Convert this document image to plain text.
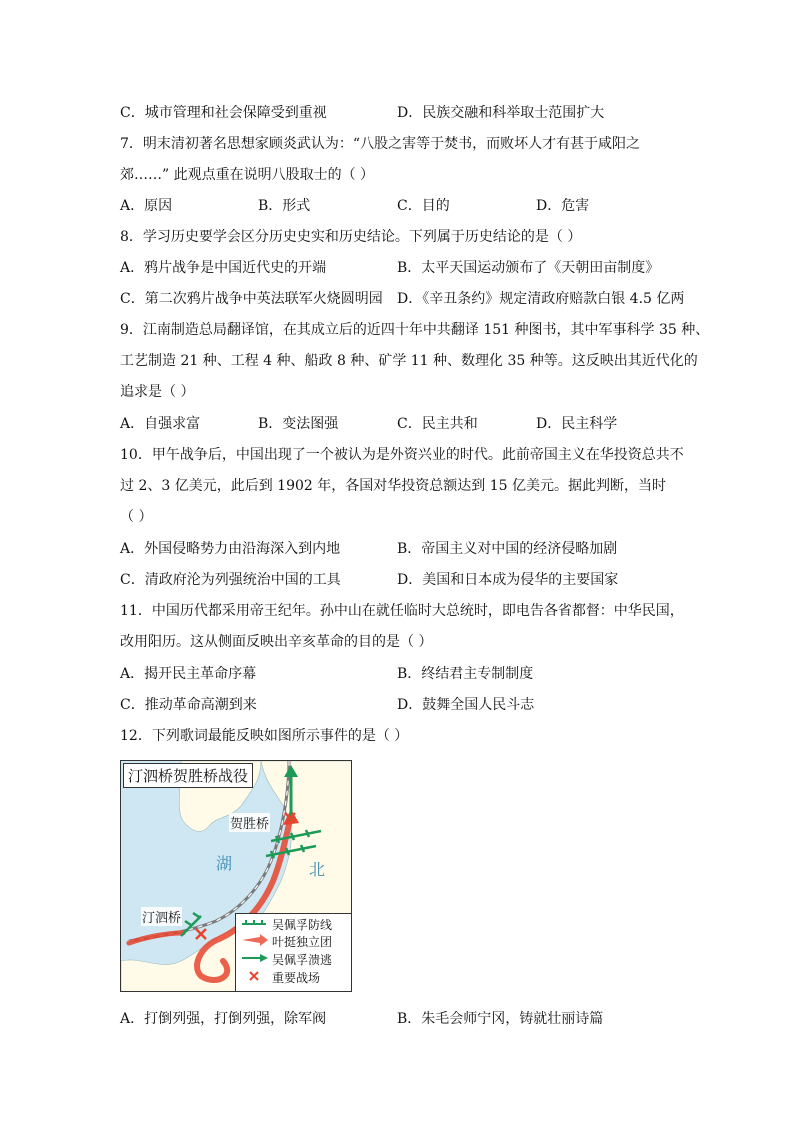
C．城市管理和社会保障受到重视	D．民族交融和科举取士范围扩大
7．明末清初著名思想家顾炎武认为：“八股之害等于焚书，而败坏人才有甚于咸阳之
郊……” 此观点重在说明八股取士的（ ）
A．原因	B．形式	C．目的	D．危害
8．学习历史要学会区分历史史实和历史结论。下列属于历史结论的是（ ）
A．鸦片战争是中国近代史的开端	B．太平天国运动颁布了《天朝田亩制度》
C．第二次鸦片战争中英法联军火烧圆明园 D．《辛丑条约》规定清政府赔款白银 4.5 亿两
9．江南制造总局翻译馆，在其成立后的近四十年中共翻译 151 种图书，其中军事科学 35 种、
工艺制造 21 种、工程 4 种、船政 8 种、矿学 11 种、数理化 35 种等。这反映出其近代化的
追求是（ ）
A．自强求富	B．变法图强	C．民主共和	D．民主科学
10．甲午战争后，中国出现了一个被认为是外资兴业的时代。此前帝国主义在华投资总共不
过 2、3 亿美元，此后到 1902 年，各国对华投资总额达到 15 亿美元。据此判断，当时
（ ）
A．外国侵略势力由沿海深入到内地	B．帝国主义对中国的经济侵略加剧
C．清政府沦为列强统治中国的工具	D．美国和日本成为侵华的主要国家
11．中国历代都采用帝王纪年。孙中山在就任临时大总统时，即电告各省都督：中华民国，
改用阳历。这从侧面反映出辛亥革命的目的是（ ）
A．揭开民主革命序幕	B．终结君主专制制度
C．推动革命高潮到来	D．鼓舞全国人民斗志
12．下列歌词最能反映如图所示事件的是（ ）
汀泗桥贺胜桥战役
贺胜桥
汀泗桥
湖	北
吴佩孚防线
叶挺独立团
吴佩孚溃逃
重要战场
A．打倒列强，打倒列强，除军阀	B．朱毛会师宁冈，铸就壮丽诗篇
